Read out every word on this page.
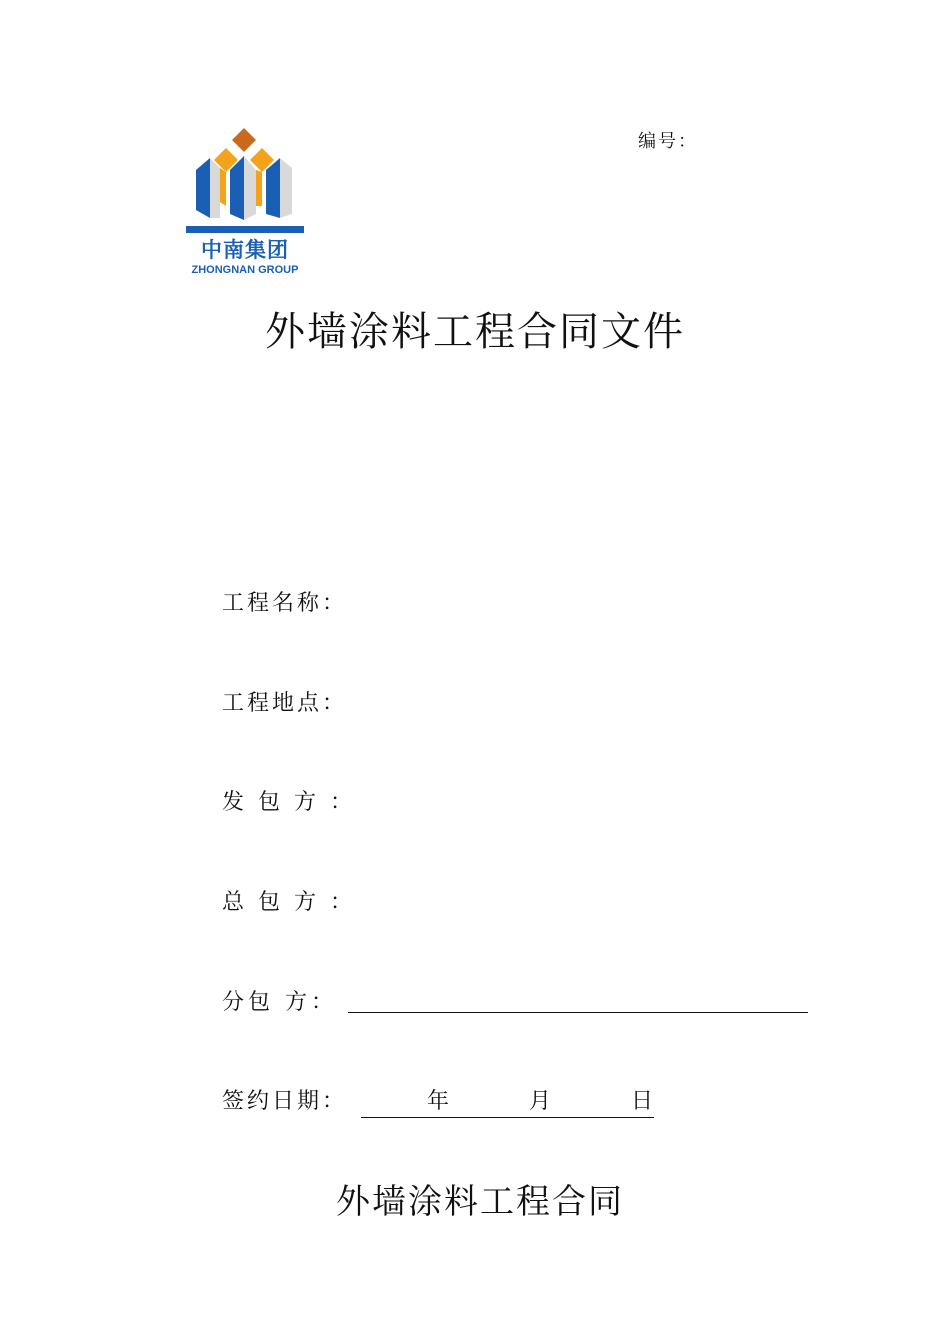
中南集团
ZHONGNAN GROUP
编号：
外墙涂料工程合同文件
工程名称：
工程地点：
发包方：
总包方：
分包 方：
签约日期：	年	月	日
外墙涂料工程合同
